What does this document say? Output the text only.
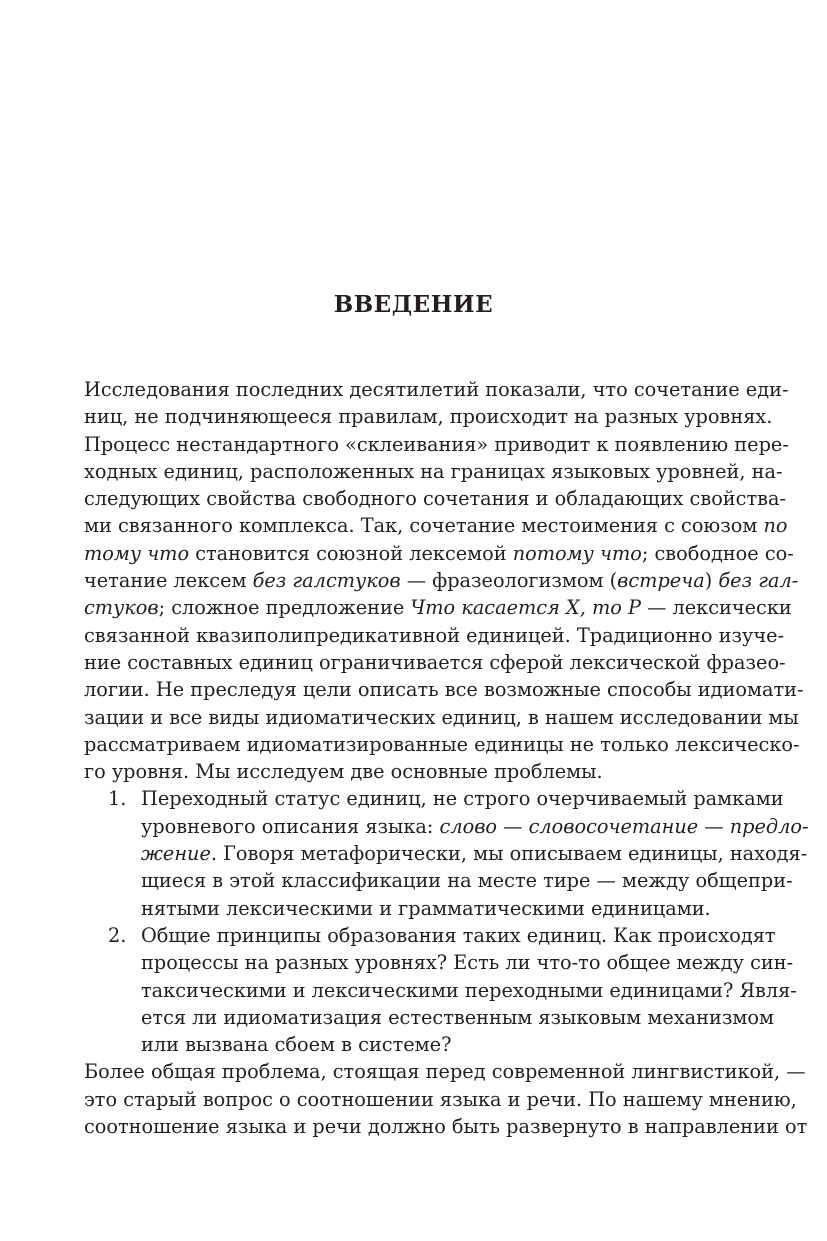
ВВЕДЕНИЕ
Исследования последних десятилетий показали, что сочетание еди-
ниц, не подчиняющееся правилам, происходит на разных уровнях.
Процесс нестандартного «склеивания» приводит к появлению пере-
ходных единиц, расположенных на границах языковых уровней, на-
следующих свойства свободного сочетания и обладающих свойства-
ми связанного комплекса. Так, сочетание местоимения с союзом по
тому что становится союзной лексемой потому что; свободное со-
четание лексем без галстуков — фразеологизмом (встреча) без гал-
стуков; сложное предложение Что касается X, то P — лексически
связанной квазиполипредикативной единицей. Традиционно изуче-
ние составных единиц ограничивается сферой лексической фразео-
логии. Не преследуя цели описать все возможные способы идиомати-
зации и все виды идиоматических единиц, в нашем исследовании мы
рассматриваем идиоматизированные единицы не только лексическо-
го уровня. Мы исследуем две основные проблемы.
1. Переходный статус единиц, не строго очерчиваемый рамками
уровневого описания языка: слово — словосочетание — предло-
жение. Говоря метафорически, мы описываем единицы, находя-
щиеся в этой классификации на месте тире — между общепри-
нятыми лексическими и грамматическими единицами.
2. Общие принципы образования таких единиц. Как происходят
процессы на разных уровнях? Есть ли что-то общее между син-
таксическими и лексическими переходными единицами? Явля-
ется ли идиоматизация естественным языковым механизмом
или вызвана сбоем в системе?
Более общая проблема, стоящая перед современной лингвистикой, —
это старый вопрос о соотношении языка и речи. По нашему мнению,
соотношение языка и речи должно быть развернуто в направлении от
